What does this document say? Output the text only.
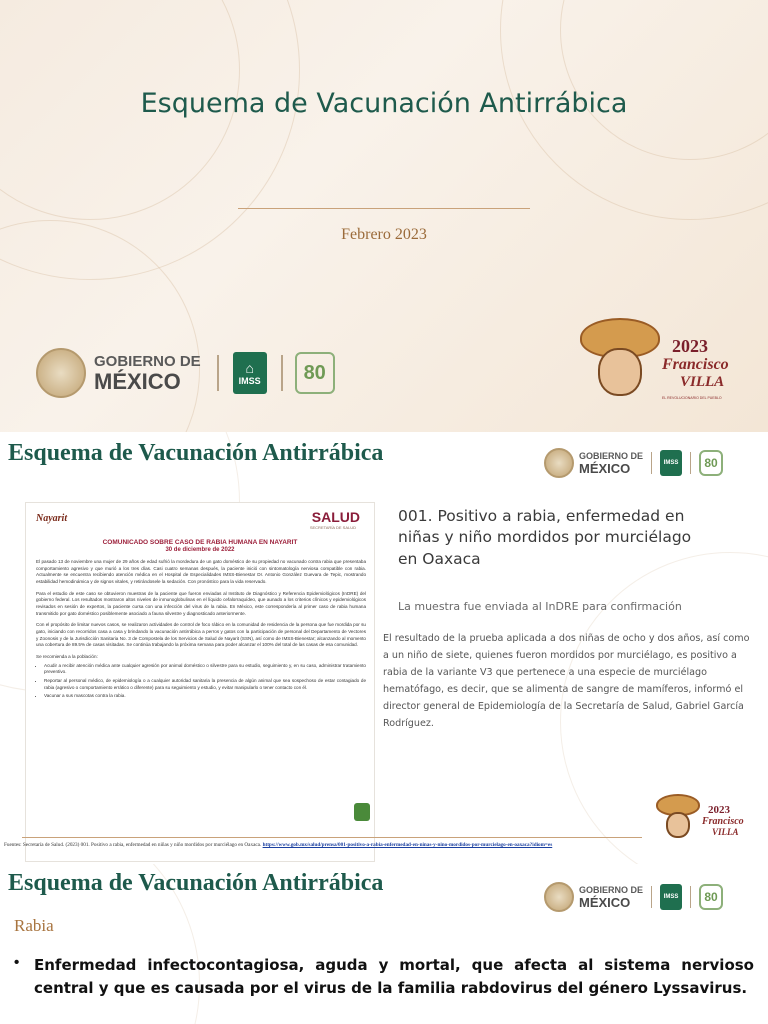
Esquema de Vacunación Antirrábica
Febrero 2023
GOBIERNO DE
MÉXICO
⌂
IMSS 80
2023
Francisco
VILLA
EL REVOLUCIONARIO DEL PUEBLO
Esquema de Vacunación Antirrábica	GOBIERNO DE
MÉXICO	IMSS 80
Nayarit	SALUD
SECRETARÍA DE SALUD
COMUNICADO SOBRE CASO DE RABIA HUMANA EN NAYARIT
30 de diciembre de 2022

El pasado 13 de noviembre una mujer de 29 años de edad sufrió la mordedura de un gato doméstico de su propiedad no vacunado contra rabia que presentaba comportamiento agresivo y que murió a los tres días. Casi cuatro semanas después, la paciente inició con sintomatología nerviosa compatible con rabia. Actualmente se encuentra recibiendo atención médica en el Hospital de Especialidades IMSS-Bienestar Dr. Antonio González Guevara de Tepic, mostrando estabilidad hemodinámica y de signos vitales, y retirándosele la sedación. Con pronóstico para la vida reservado.

Para el estudio de este caso se obtuvieron muestras de la paciente que fueron enviadas al Instituto de Diagnóstico y Referencia Epidemiológicos (InDRE) del gobierno federal. Los resultados mostraron altos niveles de inmunoglobulinas en el líquido cefalorraquídeo, que aunado a los criterios clínicos y epidemiológicos revisados en sesión de expertos, la paciente cursa con una infección del virus de la rabia. En México, este correspondería al primer caso de rabia humana transmitido por gato doméstico posiblemente asociado a fauna silvestre y diagnosticado anteriormente.

Con el propósito de limitar nuevos casos, se realizaron actividades de control de foco rábico en la comunidad de residencia de la persona que fue mordida por su gato, iniciando con recorridos casa a casa y brindando la vacunación antirrábica a perros y gatos con la participación de personal del Departamento de Vectores y Zoonosis y de la Jurisdicción Sanitaria No. 3 de Compostela de los Servicios de Salud de Nayarit (SSN), así como de IMSS-Bienestar; alcanzando al momento una cobertura de 89.5% de casas visitadas. Se continúa trabajando la próxima semana para poder alcanzar el 100% del total de las casas de esa comunidad.

Se recomienda a la población:

• Acudir a recibir atención médica ante cualquier agresión por animal doméstico o silvestre para su estudio, seguimiento y, en su caso, administrar tratamiento preventivo.
• Reportar al personal médico, de epidemiología o a cualquier autoridad sanitaria la presencia de algún animal que sea sospechoso de estar contagiado de rabia (agresivo o comportamiento errático o diferente) para su seguimiento y estudio, y evitar manipularlo o tener contacto con él.
• Vacunar a sus mascotas contra la rabia.
001. Positivo a rabia, enfermedad en niñas y niño mordidos por murciélago en Oaxaca
La muestra fue enviada al InDRE para confirmación
El resultado de la prueba aplicada a dos niñas de ocho y dos años, así como a un niño de siete, quienes fueron mordidos por murciélago, es positivo a rabia de la variante V3 que pertenece a una especie de murciélago hematófago, es decir, que se alimenta de sangre de mamíferos, informó el director general de Epidemiología de la Secretaría de Salud, Gabriel García Rodríguez.
2023
Francisco
VILLA
Fuentes: Secretaría de Salud. (2023) 001. Positivo a rabia, enfermedad en niñas y niño mordidos por murciélago en Oaxaca. https://www.gob.mx/salud/prensa/001-positivo-a-rabia-enfermedad-en-ninas-y-nino-mordidos-por-murcielago-en-oaxaca?idiom=es
Esquema de Vacunación Antirrábica	GOBIERNO DE
MÉXICO	IMSS 80
Rabia
• Enfermedad infectocontagiosa, aguda y mortal, que afecta al sistema nervioso central y que es causada por el virus de la familia rabdovirus del género Lyssavirus.
